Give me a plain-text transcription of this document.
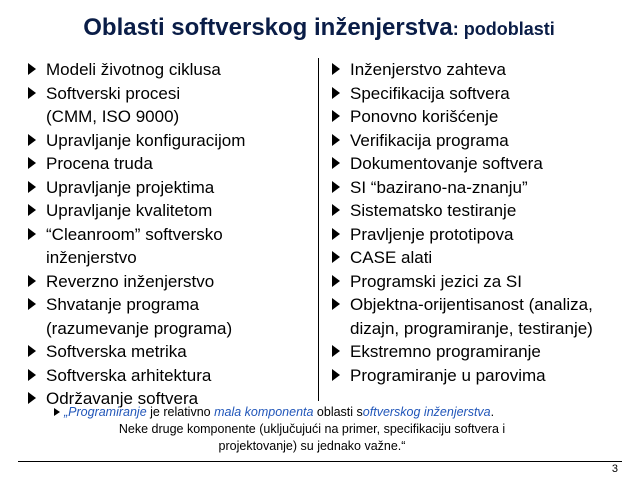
Oblasti softverskog inženjerstva: podoblasti
Modeli životnog ciklusa
Softverski procesi
(CMM, ISO 9000)
Upravljanje konfiguracijom
Procena truda
Upravljanje projektima
Upravljanje kvalitetom
“Cleanroom” softversko
inženjerstvo
Reverzno inženjerstvo
Shvatanje programa
(razumevanje programa)
Softverska metrika
Softverska arhitektura
Održavanje softvera
Inženjerstvo zahteva
Specifikacija softvera
Ponovno korišćenje
Verifikacija programa
Dokumentovanje softvera
SI “bazirano-na-znanju”
Sistematsko testiranje
Pravljenje prototipova
CASE alati
Programski jezici za SI
Objektna-orijentisanost (analiza,
dizajn, programiranje, testiranje)
Ekstremno programiranje
Programiranje u parovima
„Programiranje je relativno mala komponenta oblasti softverskog inženjerstva.
Neke druge komponente (uključujući na primer, specifikaciju softvera i
projektovanje) su jednako važne.“
3
